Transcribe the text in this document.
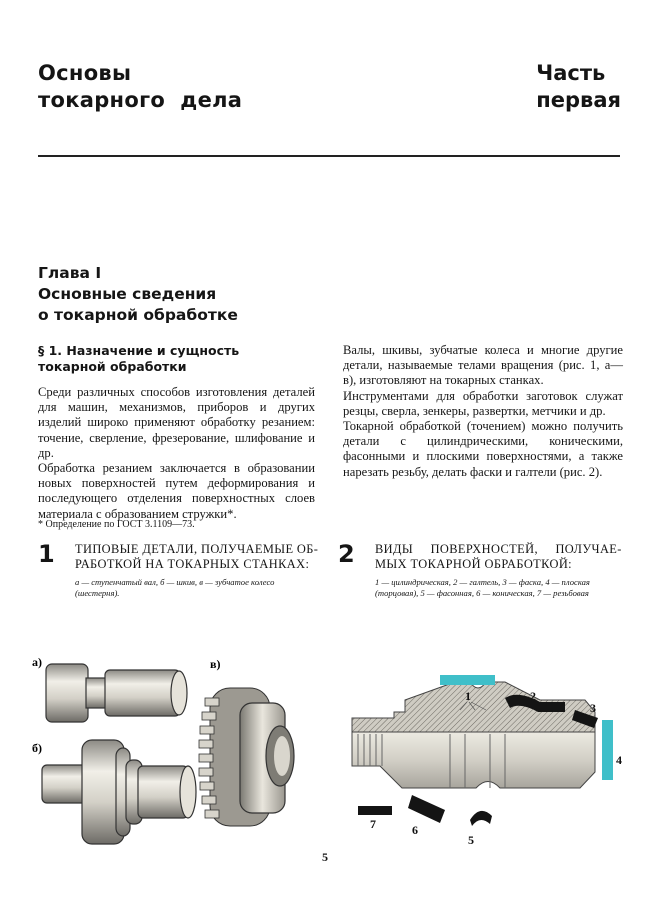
Основы
токарного  дела
Часть
первая
Глава I
Основные сведения
о токарной обработке
§ 1. Назначение и сущность
токарной обработки

Среди различных способов изготовления деталей для машин, механизмов, приборов и других изделий широко применяют обработку резанием: точение, сверление, фрезерование, шлифование и др.

Обработка резанием заключается в образовании новых поверхностей путем деформирования и последующего отделения поверхностных слоев материала с образованием стружки*.

* Определение по ГОСТ 3.1109—73.

Валы, шкивы, зубчатые колеса и многие другие детали, называемые телами вращения (рис. 1, а—в), изготовляют на токарных станках.

Инструментами для обработки заготовок служат резцы, сверла, зенкеры, развертки, метчики и др.

Токарной обработкой (точением) можно получить детали с цилиндрическими, коническими, фасонными и плоскими поверхностями, а также нарезать резьбу, делать фаски и галтели (рис. 2).

1 ТИПОВЫЕ ДЕТАЛИ, ПОЛУЧАЕМЫЕ ОБ-
РАБОТКОЙ НА ТОКАРНЫХ СТАНКАХ:
а — ступенчатый вал, б — шкив, в — зубчатое колесо (шестерня).
2 ВИДЫ ПОВЕРХНОСТЕЙ, ПОЛУЧАЕ-
МЫХ ТОКАРНОЙ ОБРАБОТКОЙ:
1 — цилиндрическая, 2 — галтель, 3 — фаска, 4 — плоская (торцовая), 5 — фасонная, 6 — коническая, 7 — резьбовая
а)
б)
в)
1	2
3
4
5
6
7
5
